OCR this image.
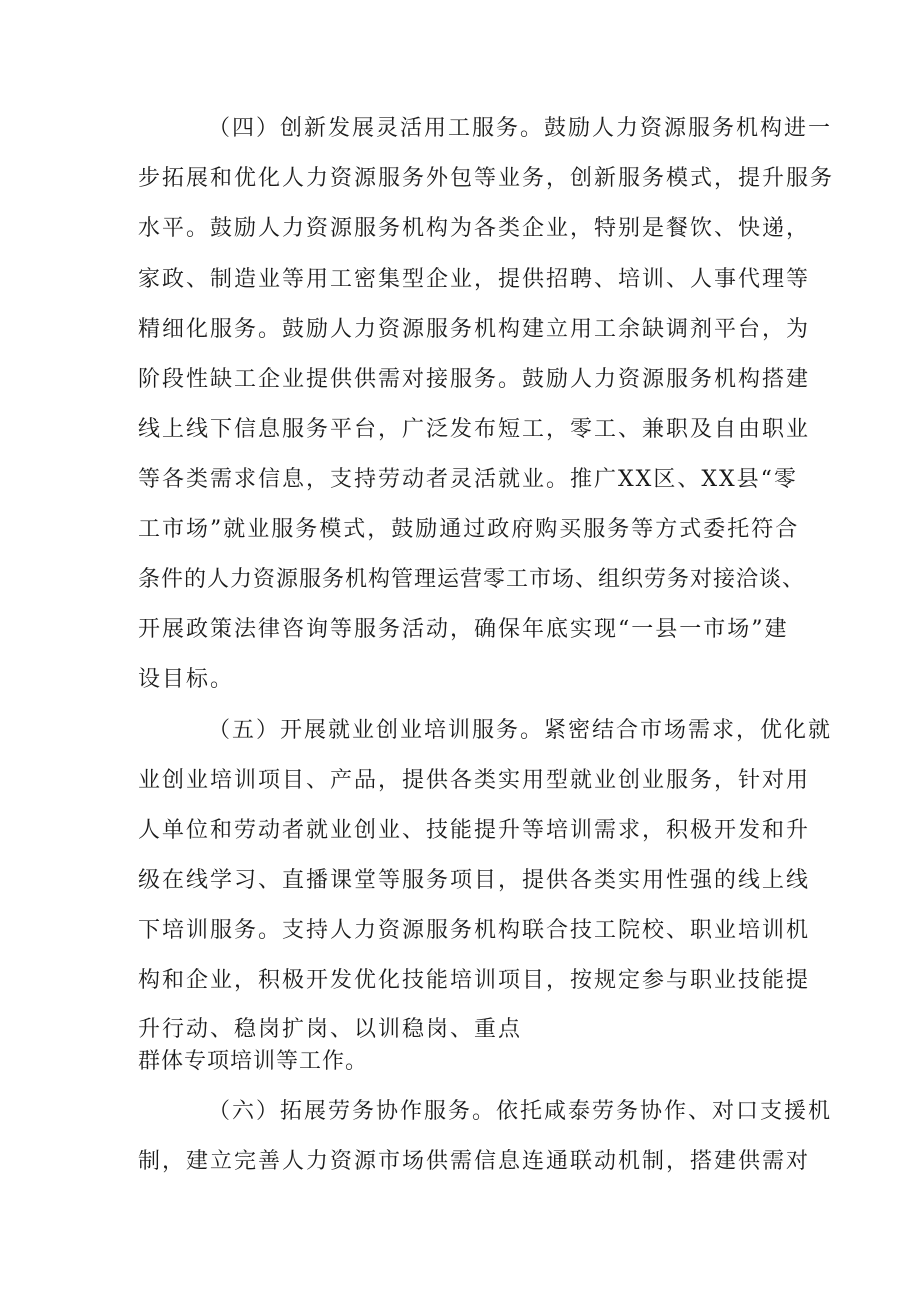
（四）创新发展灵活用工服务。鼓励人力资源服务机构进一
步拓展和优化人力资源服务外包等业务，创新服务模式，提升服务
水平。鼓励人力资源服务机构为各类企业，特别是餐饮、快递，
家政、制造业等用工密集型企业，提供招聘、培训、人事代理等
精细化服务。鼓励人力资源服务机构建立用工余缺调剂平台，为
阶段性缺工企业提供供需对接服务。鼓励人力资源服务机构搭建
线上线下信息服务平台，广泛发布短工，零工、兼职及自由职业
等各类需求信息，支持劳动者灵活就业。推广XX区、XX县“零
工市场”就业服务模式，鼓励通过政府购买服务等方式委托符合
条件的人力资源服务机构管理运营零工市场、组织劳务对接洽谈、
开展政策法律咨询等服务活动，确保年底实现“一县一市场”建
设目标。
（五）开展就业创业培训服务。紧密结合市场需求，优化就
业创业培训项目、产品，提供各类实用型就业创业服务，针对用
人单位和劳动者就业创业、技能提升等培训需求，积极开发和升
级在线学习、直播课堂等服务项目，提供各类实用性强的线上线
下培训服务。支持人力资源服务机构联合技工院校、职业培训机
构和企业，积极开发优化技能培训项目，按规定参与职业技能提
升行动、稳岗扩岗、以训稳岗、重点
群体专项培训等工作。
（六）拓展劳务协作服务。依托咸泰劳务协作、对口支援机
制，建立完善人力资源市场供需信息连通联动机制，搭建供需对
